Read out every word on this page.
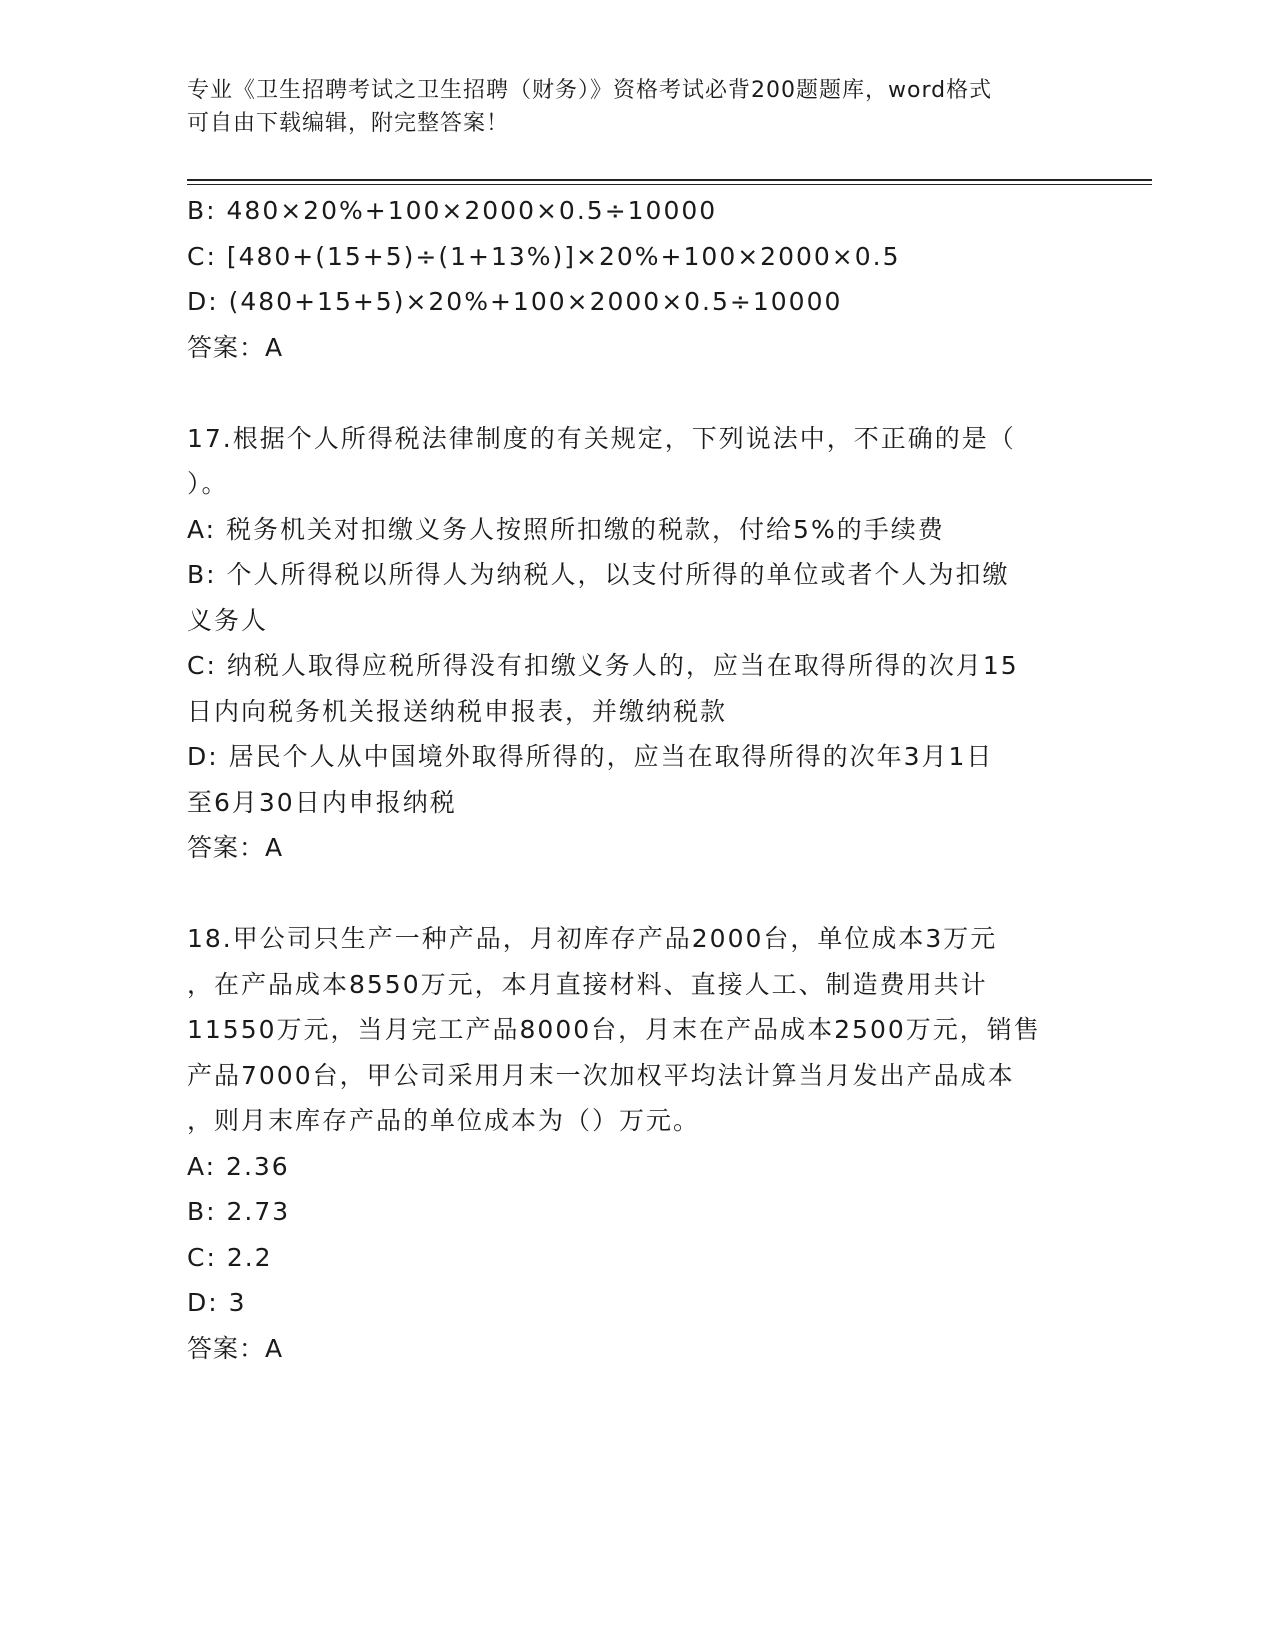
专业《卫生招聘考试之卫生招聘（财务）》资格考试必背200题题库，word格式
可自由下载编辑，附完整答案！
B: 480×20%+100×2000×0.5÷10000
C: [480+(15+5)÷(1+13%)]×20%+100×2000×0.5
D: (480+15+5)×20%+100×2000×0.5÷10000
答案：A
17.根据个人所得税法律制度的有关规定，下列说法中，不正确的是（
）。
A: 税务机关对扣缴义务人按照所扣缴的税款，付给5%的手续费
B: 个人所得税以所得人为纳税人，以支付所得的单位或者个人为扣缴
义务人
C: 纳税人取得应税所得没有扣缴义务人的，应当在取得所得的次月15
日内向税务机关报送纳税申报表，并缴纳税款
D: 居民个人从中国境外取得所得的，应当在取得所得的次年3月1日
至6月30日内申报纳税
答案：A
18.甲公司只生产一种产品，月初库存产品2000台，单位成本3万元
，在产品成本8550万元，本月直接材料、直接人工、制造费用共计
11550万元，当月完工产品8000台，月末在产品成本2500万元，销售
产品7000台，甲公司采用月末一次加权平均法计算当月发出产品成本
，则月末库存产品的单位成本为（）万元。
A: 2.36
B: 2.73
C: 2.2
D: 3
答案：A
